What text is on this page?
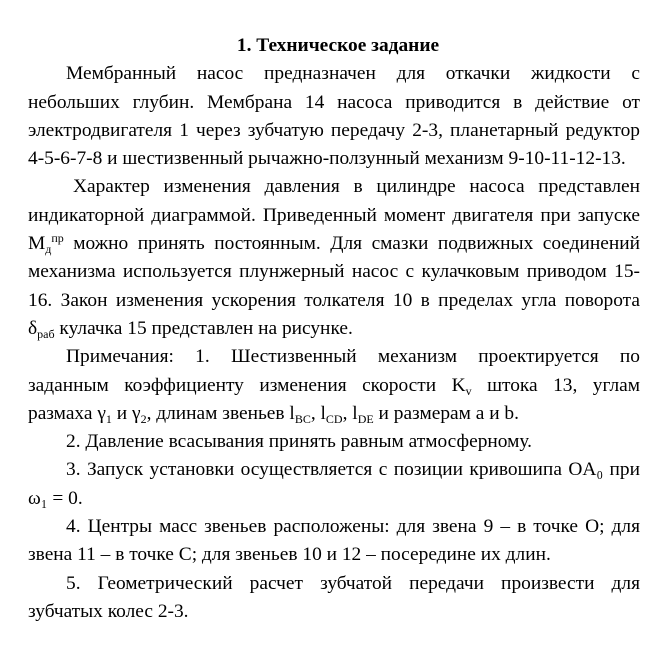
1. Техническое задание
Мембранный насос предназначен для откачки жидкости с
небольших глубин. Мембрана 14 насоса приводится в действие от
электродвигателя 1 через зубчатую передачу 2-3, планетарный редуктор
4-5-6-7-8 и шестизвенный рычажно-ползунный механизм 9-10-11-12-13.
Характер изменения давления в цилиндре насоса представлен
индикаторной диаграммой. Приведенный момент двигателя при запуске
$M_д^{пр}$ можно принять постоянным. Для смазки подвижных соединений
механизма используется плунжерный насос с кулачковым приводом 15-
16. Закон изменения ускорения толкателя 10 в пределах угла поворота
$\delta_{раб}$ кулачка 15 представлен на рисунке.
Примечания: 1. Шестизвенный механизм проектируется по
заданным коэффициенту изменения скорости $K_v$ штока 13, углам
размаха $\gamma_1$ и $\gamma_2$, длинам звеньев $l_{BC}$, $l_{CD}$, $l_{DE}$ и размерам a и b.
2. Давление всасывания принять равным атмосферному.
3. Запуск установки осуществляется с позиции кривошипа OA₀ при
ω₁ = 0.
4. Центры масс звеньев расположены: для звена 9 – в точке O; для
звена 11 – в точке C; для звеньев 10 и 12 – посередине их длин.
5. Геометрический расчет зубчатой передачи произвести для
зубчатых колес 2-3.
